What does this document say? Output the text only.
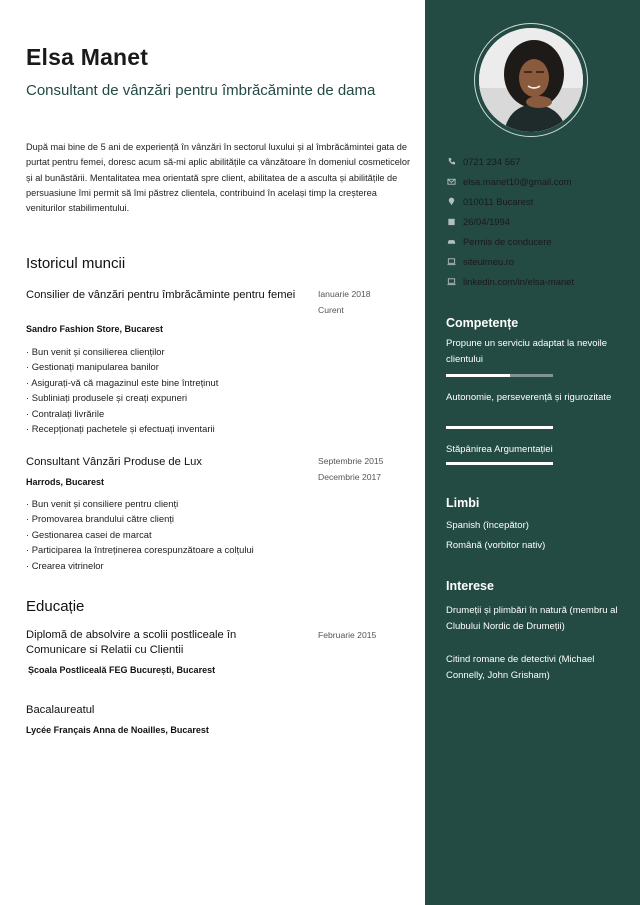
Elsa Manet
Consultant de vânzări pentru îmbrăcăminte de dama
După mai bine de 5 ani de experiență în vânzări în sectorul luxului și al îmbrăcămintei gata de purtat pentru femei, doresc acum să-mi aplic abilitățile ca vânzătoare în domeniul cosmeticelor și al bunăstării. Mentalitatea mea orientată spre client, abilitatea de a asculta și abilitățile de persuasiune îmi permit să îmi păstrez clientela, contribuind în același timp la creșterea veniturilor stabilimentului.
Istoricul muncii
Consilier de vânzări pentru îmbrăcăminte pentru femei	Ianuarie 2018
Curent
Sandro Fashion Store, Bucarest
· Bun venit și consilierea clienților
· Gestionați manipularea banilor
· Asigurați-vă că magazinul este bine întreținut
· Subliniați produsele și creați expuneri
· Contralați livrările
· Recepționați pachetele și efectuați inventarii
Consultant Vânzări Produse de Lux	Septembrie 2015
Decembrie 2017
Harrods, Bucarest
· Bun venit și consiliere pentru clienți
· Promovarea brandului către clienți
· Gestionarea casei de marcat
· Participarea la întreținerea corespunzătoare a colțului
· Crearea vitrinelor
Educație
Diplomă de absolvire a scolii postliceale în Comunicare si Relatii cu Clientii
Februarie 2015
Școala Postliceală FEG București, Bucarest
Bacalaureatul
Lycée Français Anna de Noailles, Bucarest
0721 234 567
elsa.manet10@gmail.com
010011 Bucarest
26/04/1994
Permis de conducere
siteulmeu.ro
linkedin.com/in/elsa-manet
Competențe
Propune un serviciu adaptat la nevoile clientului
Autonomie, perseverență și rigurozitate
Stăpânirea Argumentației
Limbi
Spanish (începător)
Română (vorbitor nativ)
Interese
Drumeții și plimbări în natură (membru al Clubului Nordic de Drumeții)
Citind romane de detectivi (Michael Connelly, John Grisham)
